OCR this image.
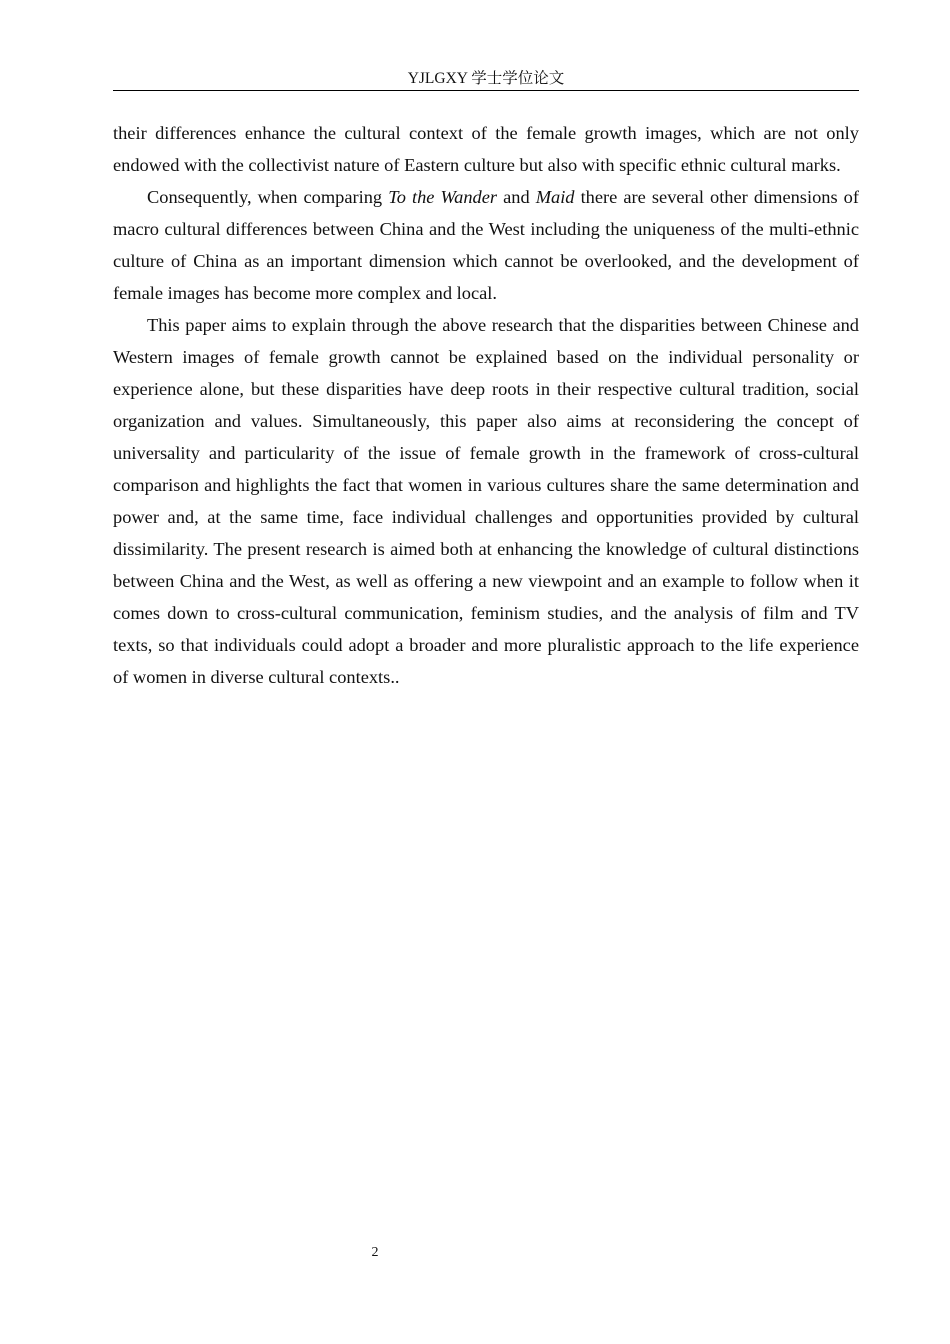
YJLGXY 学士学位论文

their differences enhance the cultural context of the female growth images, which are not only endowed with the collectivist nature of Eastern culture but also with specific ethnic cultural marks.

Consequently, when comparing To the Wander and Maid there are several other dimensions of macro cultural differences between China and the West including the uniqueness of the multi-ethnic culture of China as an important dimension which cannot be overlooked, and the development of female images has become more complex and local.

This paper aims to explain through the above research that the disparities between Chinese and Western images of female growth cannot be explained based on the individual personality or experience alone, but these disparities have deep roots in their respective cultural tradition, social organization and values. Simultaneously, this paper also aims at reconsidering the concept of universality and particularity of the issue of female growth in the framework of cross-cultural comparison and highlights the fact that women in various cultures share the same determination and power and, at the same time, face individual challenges and opportunities provided by cultural dissimilarity. The present research is aimed both at enhancing the knowledge of cultural distinctions between China and the West, as well as offering a new viewpoint and an example to follow when it comes down to cross-cultural communication, feminism studies, and the analysis of film and TV texts, so that individuals could adopt a broader and more pluralistic approach to the life experience of women in diverse cultural contexts..

2
